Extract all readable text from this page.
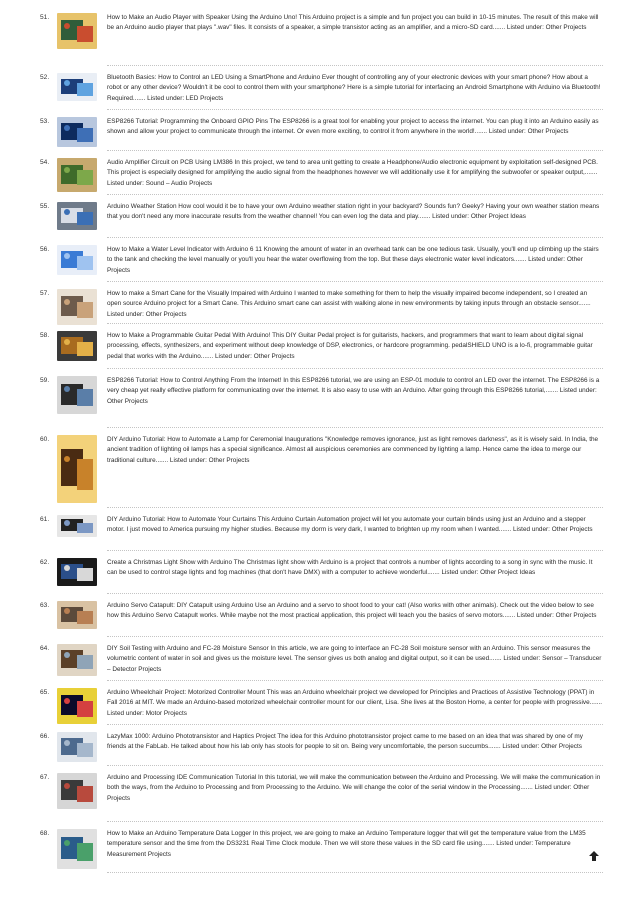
51.	How to Make an Audio Player with Speaker Using the Arduino Uno! This Arduino project is a simple and fun project you can build in 10-15 minutes. The result of this make will be an Arduino audio player that plays ".wav" files. It consists of a speaker, a simple transistor acting as an amplifier, and a micro-SD card....... Listed under: Other Projects

52.	Bluetooth Basics: How to Control an LED Using a SmartPhone and Arduino Ever thought of controlling any of your electronic devices with your smart phone? How about a robot or any other device? Wouldn't it be cool to control them with your smartphone? Here is a simple tutorial for interfacing an Android Smartphone with Arduino via Bluetooth! Required....... Listed under: LED Projects

53.	ESP8266 Tutorial: Programming the Onboard GPIO Pins The ESP8266 is a great tool for enabling your project to access the internet. You can plug it into an Arduino easily as shown and allow your project to communicate through the internet. Or even more exciting, to control it from anywhere in the world!....... Listed under: Other Projects

54.	Audio Amplifier Circuit on PCB Using LM386 In this project, we tend to area unit getting to create a Headphone/Audio electronic equipment by exploitation self-designed PCB. This project is especially designed for amplifying the audio signal from the headphones however we will additionally use it for amplifying the subwoofer or speaker output,....... Listed under: Sound – Audio Projects

55.	Arduino Weather Station How cool would it be to have your own Arduino weather station right in your backyard? Sounds fun? Geeky? Having your own weather station means that you don't need any more inaccurate results from the weather channel! You can even log the data and play....... Listed under: Other Project Ideas

56.	How to Make a Water Level Indicator with Arduino 6 11 Knowing the amount of water in an overhead tank can be one tedious task. Usually, you'll end up climbing up the stairs to the tank and checking the level manually or you'll you hear the water overflowing from the top. But these days electronic water level indicators....... Listed under: Other Projects

57.	How to make a Smart Cane for the Visually Impaired with Arduino I wanted to make something for them to help the visually impaired become independent, so I created an open source Arduino project for a Smart Cane. This Arduino smart cane can assist with walking alone in new environments by taking inputs through an obstacle sensor....... Listed under: Other Projects

58.	How to Make a Programmable Guitar Pedal With Arduino! This DIY Guitar Pedal project is for guitarists, hackers, and programmers that want to learn about digital signal processing, effects, synthesizers, and experiment without deep knowledge of DSP, electronics, or hardcore programming. pedalSHIELD UNO is a lo-fi, programmable guitar pedal that works with the Arduino....... Listed under: Other Projects

59.	ESP8266 Tutorial: How to Control Anything From the Internet! In this ESP8266 tutorial, we are using an ESP-01 module to control an LED over the internet. The ESP8266 is a very cheap yet really effective platform for communicating over the internet. It is also easy to use with an Arduino. After going through this ESP8266 tutorial,....... Listed under: Other Projects

60.	DIY Arduino Tutorial: How to Automate a Lamp for Ceremonial Inaugurations "Knowledge removes ignorance, just as light removes darkness", as it is wisely said. In India, the ancient tradition of lighting oil lamps has a special significance. Almost all auspicious ceremonies are commenced by lighting a lamp. Hence came the idea to merge our traditional culture....... Listed under: Other Projects

61.	DIY Arduino Tutorial: How to Automate Your Curtains This Arduino Curtain Automation project will let you automate your curtain blinds using just an Arduino and a stepper motor. I just moved to America pursuing my higher studies. Because my dorm is very dark, I wanted to brighten up my room when I wanted....... Listed under: Other Projects

62.	Create a Christmas Light Show with Arduino The Christmas light show with Arduino is a project that controls a number of lights according to a song in sync with the music. It can be used to control stage lights and fog machines (that don't have DMX) with a computer to achieve wonderful....... Listed under: Other Project Ideas

63.	Arduino Servo Catapult: DIY Catapult using Arduino Use an Arduino and a servo to shoot food to your cat! (Also works with other animals). Check out the video below to see how this Arduino Servo Catapult works. While maybe not the most practical application, this project will teach you the basics of servo motors....... Listed under: Other Projects

64.	DIY Soil Testing with Arduino and FC-28 Moisture Sensor In this article, we are going to interface an FC-28 Soil moisture sensor with an Arduino. This sensor measures the volumetric content of water in soil and gives us the moisture level. The sensor gives us both analog and digital output, so it can be used....... Listed under: Sensor – Transducer – Detector Projects

65.	Arduino Wheelchair Project: Motorized Controller Mount This was an Arduino wheelchair project we developed for Principles and Practices of Assistive Technology (PPAT) in Fall 2016 at MIT. We made an Arduino-based motorized wheelchair controller mount for our client, Lisa. She lives at the Boston Home, a center for people with progressive....... Listed under: Motor Projects

66.	LazyMax 1000: Arduino Phototransistor and Haptics Project The idea for this Arduino phototransistor project came to me based on an idea that was shared by one of my friends at the FabLab. He talked about how his lab only has stools for people to sit on. Being very uncomfortable, the person succumbs....... Listed under: Other Projects

67.	Arduino and Processing IDE Communication Tutorial In this tutorial, we will make the communication between the Arduino and Processing. We will make the communication in both the ways, from the Arduino to Processing and from Processing to the Arduino. We will change the color of the serial window in the Processing....... Listed under: Other Projects

68.	How to Make an Arduino Temperature Data Logger In this project, we are going to make an Arduino Temperature logger that will get the temperature value from the LM35 temperature sensor and the time from the DS3231 Real Time Clock module. Then we will store these values in the SD card file using....... Listed under: Temperature Measurement Projects
